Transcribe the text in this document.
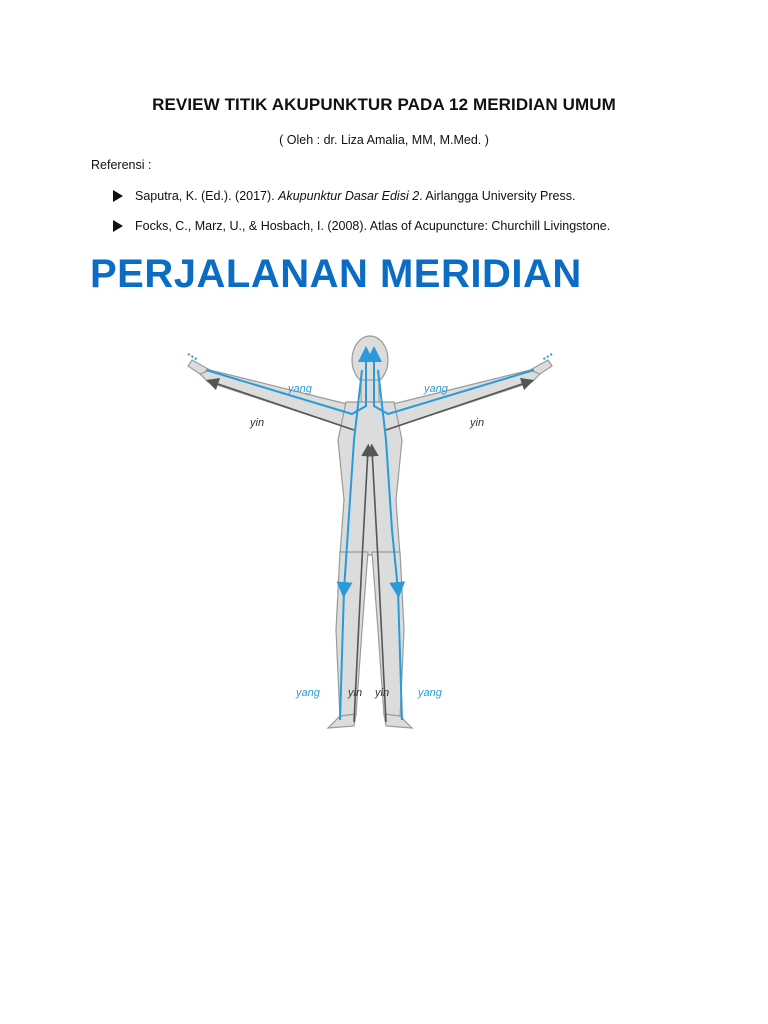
REVIEW TITIK AKUPUNKTUR PADA 12 MERIDIAN UMUM
( Oleh : dr. Liza Amalia, MM, M.Med. )
Referensi :
Saputra, K. (Ed.). (2017). Akupunktur Dasar Edisi 2. Airlangga University Press.
Focks, C., Marz, U., & Hosbach, I. (2008). Atlas of Acupuncture: Churchill Livingstone.
PERJALANAN MERIDIAN
yang	yang
yin	yin
yang	yin yin	yang
